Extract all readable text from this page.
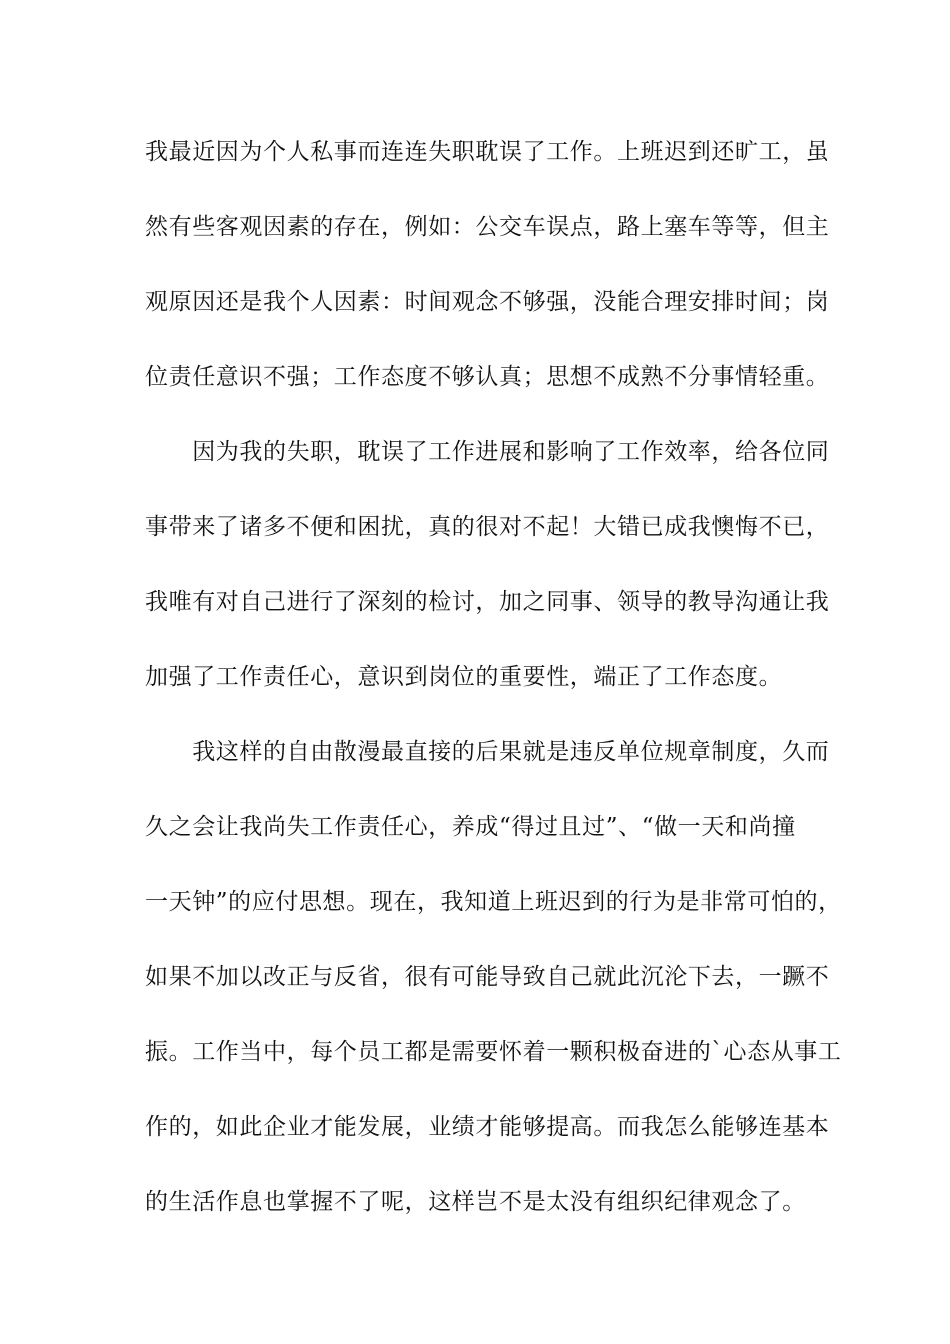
我最近因为个人私事而连连失职耽误了工作。上班迟到还旷工，虽
然有些客观因素的存在，例如：公交车误点，路上塞车等等，但主
观原因还是我个人因素：时间观念不够强，没能合理安排时间；岗
位责任意识不强；工作态度不够认真；思想不成熟不分事情轻重。
　　因为我的失职，耽误了工作进展和影响了工作效率，给各位同
事带来了诸多不便和困扰，真的很对不起！大错已成我懊悔不已，
我唯有对自己进行了深刻的检讨，加之同事、领导的教导沟通让我
加强了工作责任心，意识到岗位的重要性，端正了工作态度。
　　我这样的自由散漫最直接的后果就是违反单位规章制度，久而
久之会让我尚失工作责任心，养成“得过且过”、“做一天和尚撞
一天钟”的应付思想。现在，我知道上班迟到的行为是非常可怕的，
如果不加以改正与反省，很有可能导致自己就此沉沦下去，一蹶不
振。工作当中，每个员工都是需要怀着一颗积极奋进的`心态从事工
作的，如此企业才能发展，业绩才能够提高。而我怎么能够连基本
的生活作息也掌握不了呢，这样岂不是太没有组织纪律观念了。
